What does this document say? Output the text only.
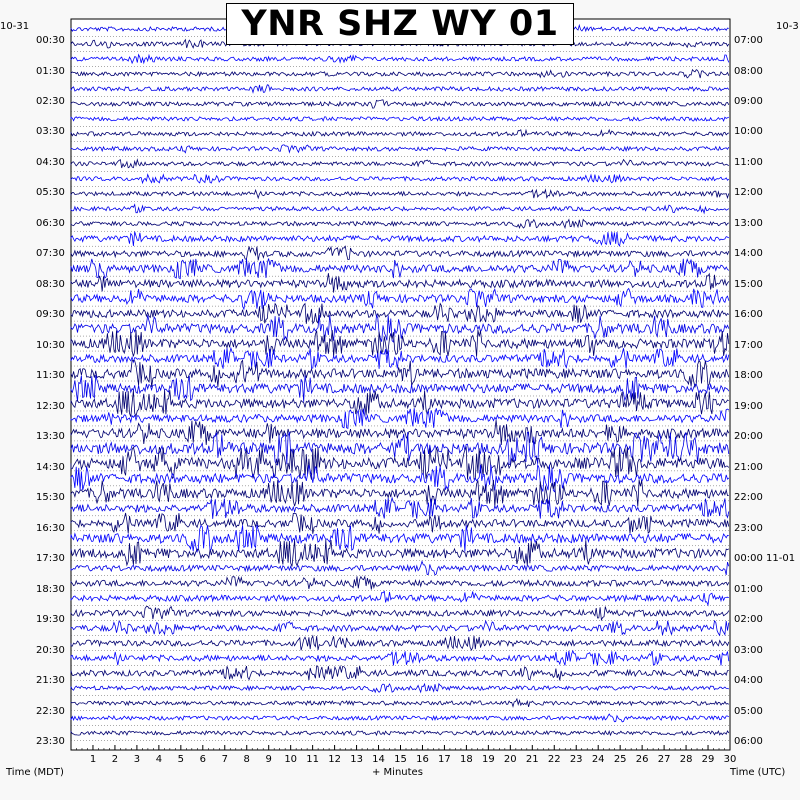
YNR SHZ WY 01
10-31	10-3
00:30
01:30
02:30
03:30
04:30
05:30
06:30
07:30
08:30
09:30
10:30
11:30
12:30
13:30
14:30
15:30
16:30
17:30
18:30
19:30
20:30
21:30
22:30
23:30
07:00
08:00
09:00
10:00
11:00
12:00
13:00
14:00
15:00
16:00
17:00
18:00
19:00
20:00
21:00
22:00
23:00
00:00 11-01
01:00
02:00
03:00
04:00
05:00
06:00
1	2	3	4	5	6	7	8	9	10 11 12 13 14 15 16 17 18 19 20 21 22 23 24 25 26 27 28 29 30
Time (MDT)	+ Minutes	Time (UTC)
